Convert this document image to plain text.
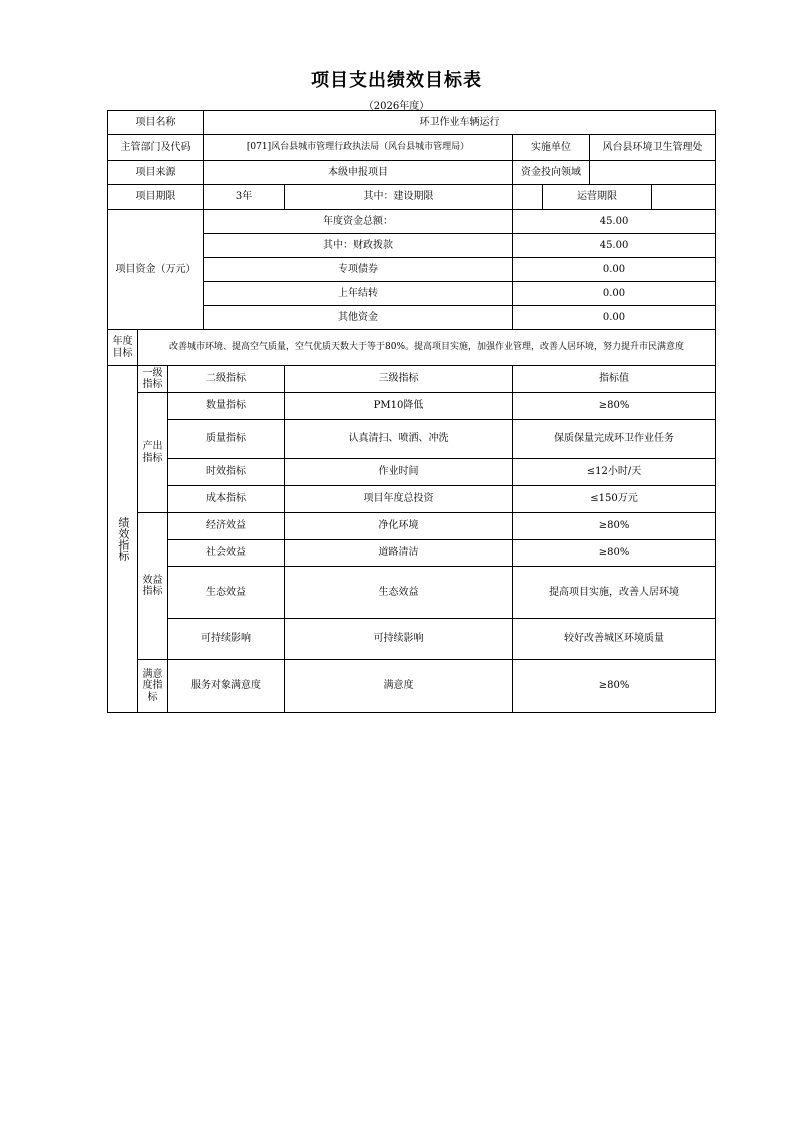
项目支出绩效目标表
（2026年度）
项目名称			环卫作业车辆运行					
主管部门及代码			[071]风台县城市管理行政执法局（风台县城市管理局）		实施单位		风台县环境卫生管理处	
项目来源			本级申报项目		资金投向领域			
项目期限			3年	其中：建设期限		运营期限		
项目资金（万元）			年度资金总额：		45.00			
			其中：财政拨款		45.00			
			专项债券		0.00			
			上年结转		0.00			
			其他资金		0.00			
年度目标	改善城市环境、提高空气质量，空气优质天数大于等于80%。提高项目实施，加强作业管理，改善人居环境，努力提升市民满意度							
绩效指标	一级指标	二级指标		三级指标	指标值			
	产出指标	数量指标		PM10降低	≥80%			
		质量指标		认真清扫、喷洒、冲洗	保质保量完成环卫作业任务			
		时效指标		作业时间	≤12小时/天			
		成本指标		项目年度总投资	≤150万元			
	效益指标	经济效益		净化环境	≥80%			
		社会效益		道路清洁	≥80%			
		生态效益		生态效益	提高项目实施，改善人居环境			
		可持续影响		可持续影响	较好改善城区环境质量			
	满意度指标	服务对象满意度		满意度	≥80%			
